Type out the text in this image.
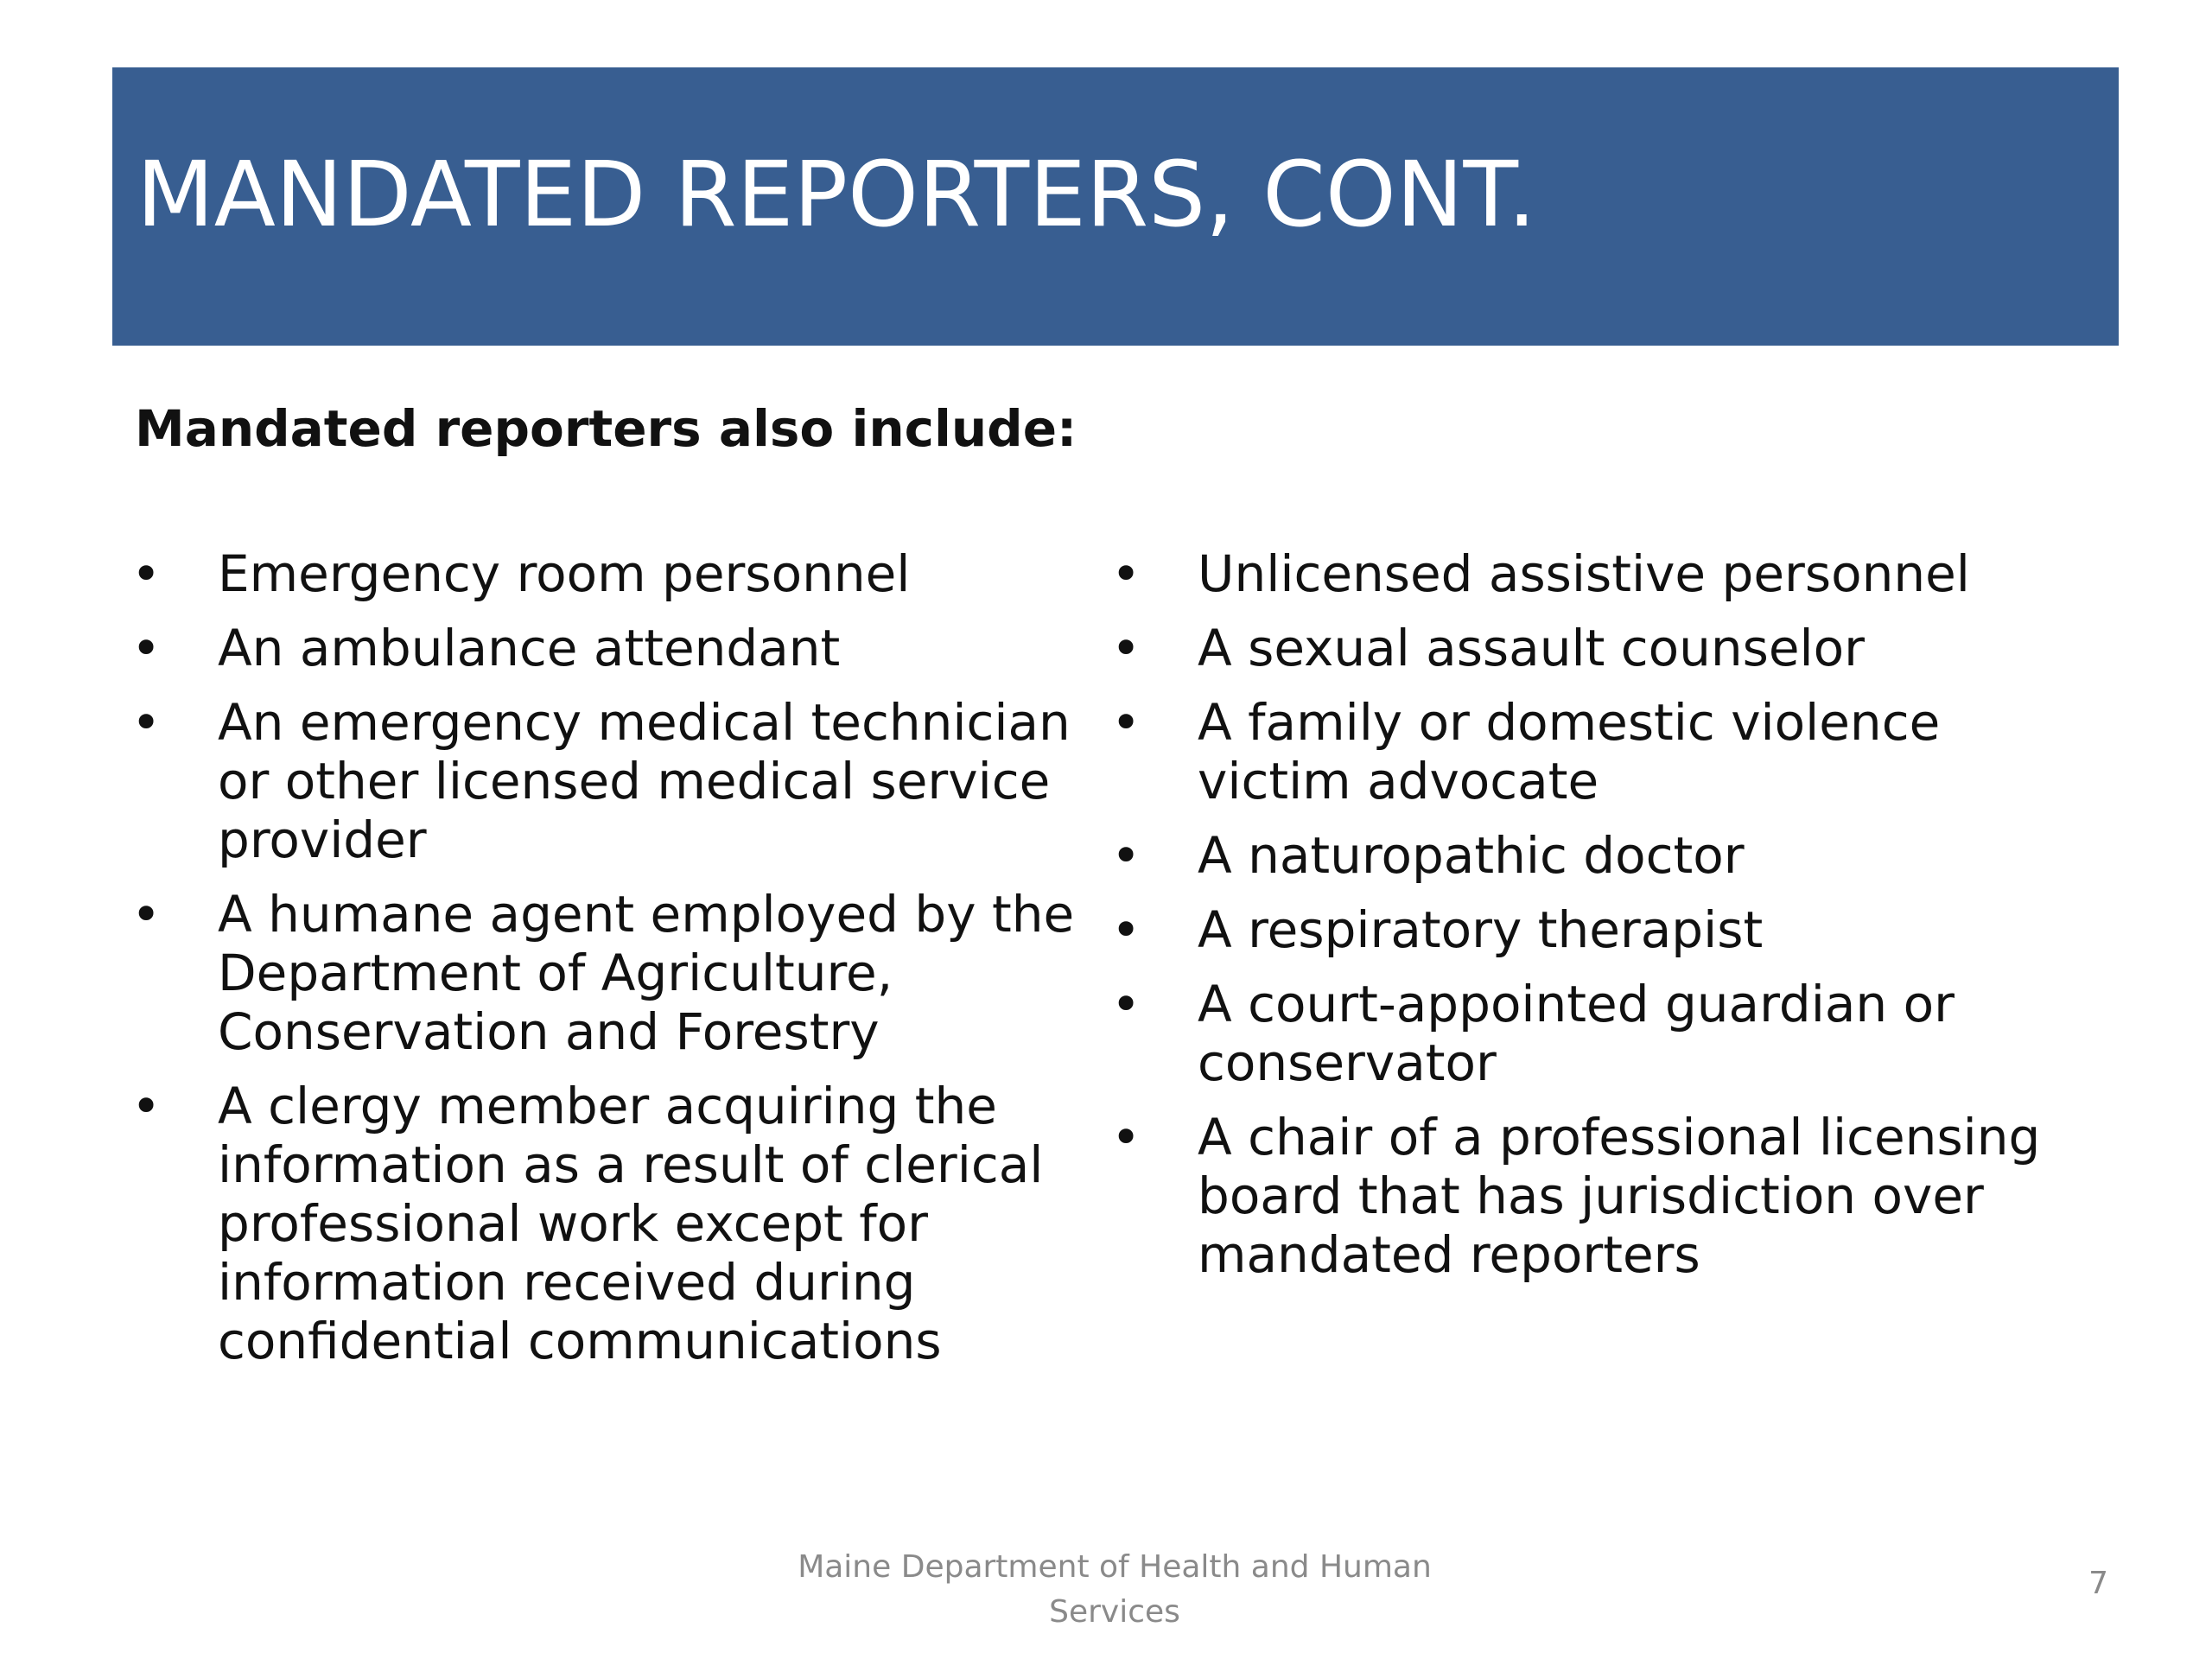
MANDATED REPORTERS, CONT.
Mandated reporters also include:
• Emergency room personnel
• An ambulance attendant
• An emergency medical technician or other licensed medical service provider
• A humane agent employed by the Department of Agriculture, Conservation and Forestry
• A clergy member acquiring the information as a result of clerical professional work except for information received during confidential communications
• Unlicensed assistive personnel
• A sexual assault counselor
• A family or domestic violence victim advocate
• A naturopathic doctor
• A respiratory therapist
• A court-appointed guardian or conservator
• A chair of a professional licensing board that has jurisdiction over mandated reporters
Maine Department of Health and Human Services
7
